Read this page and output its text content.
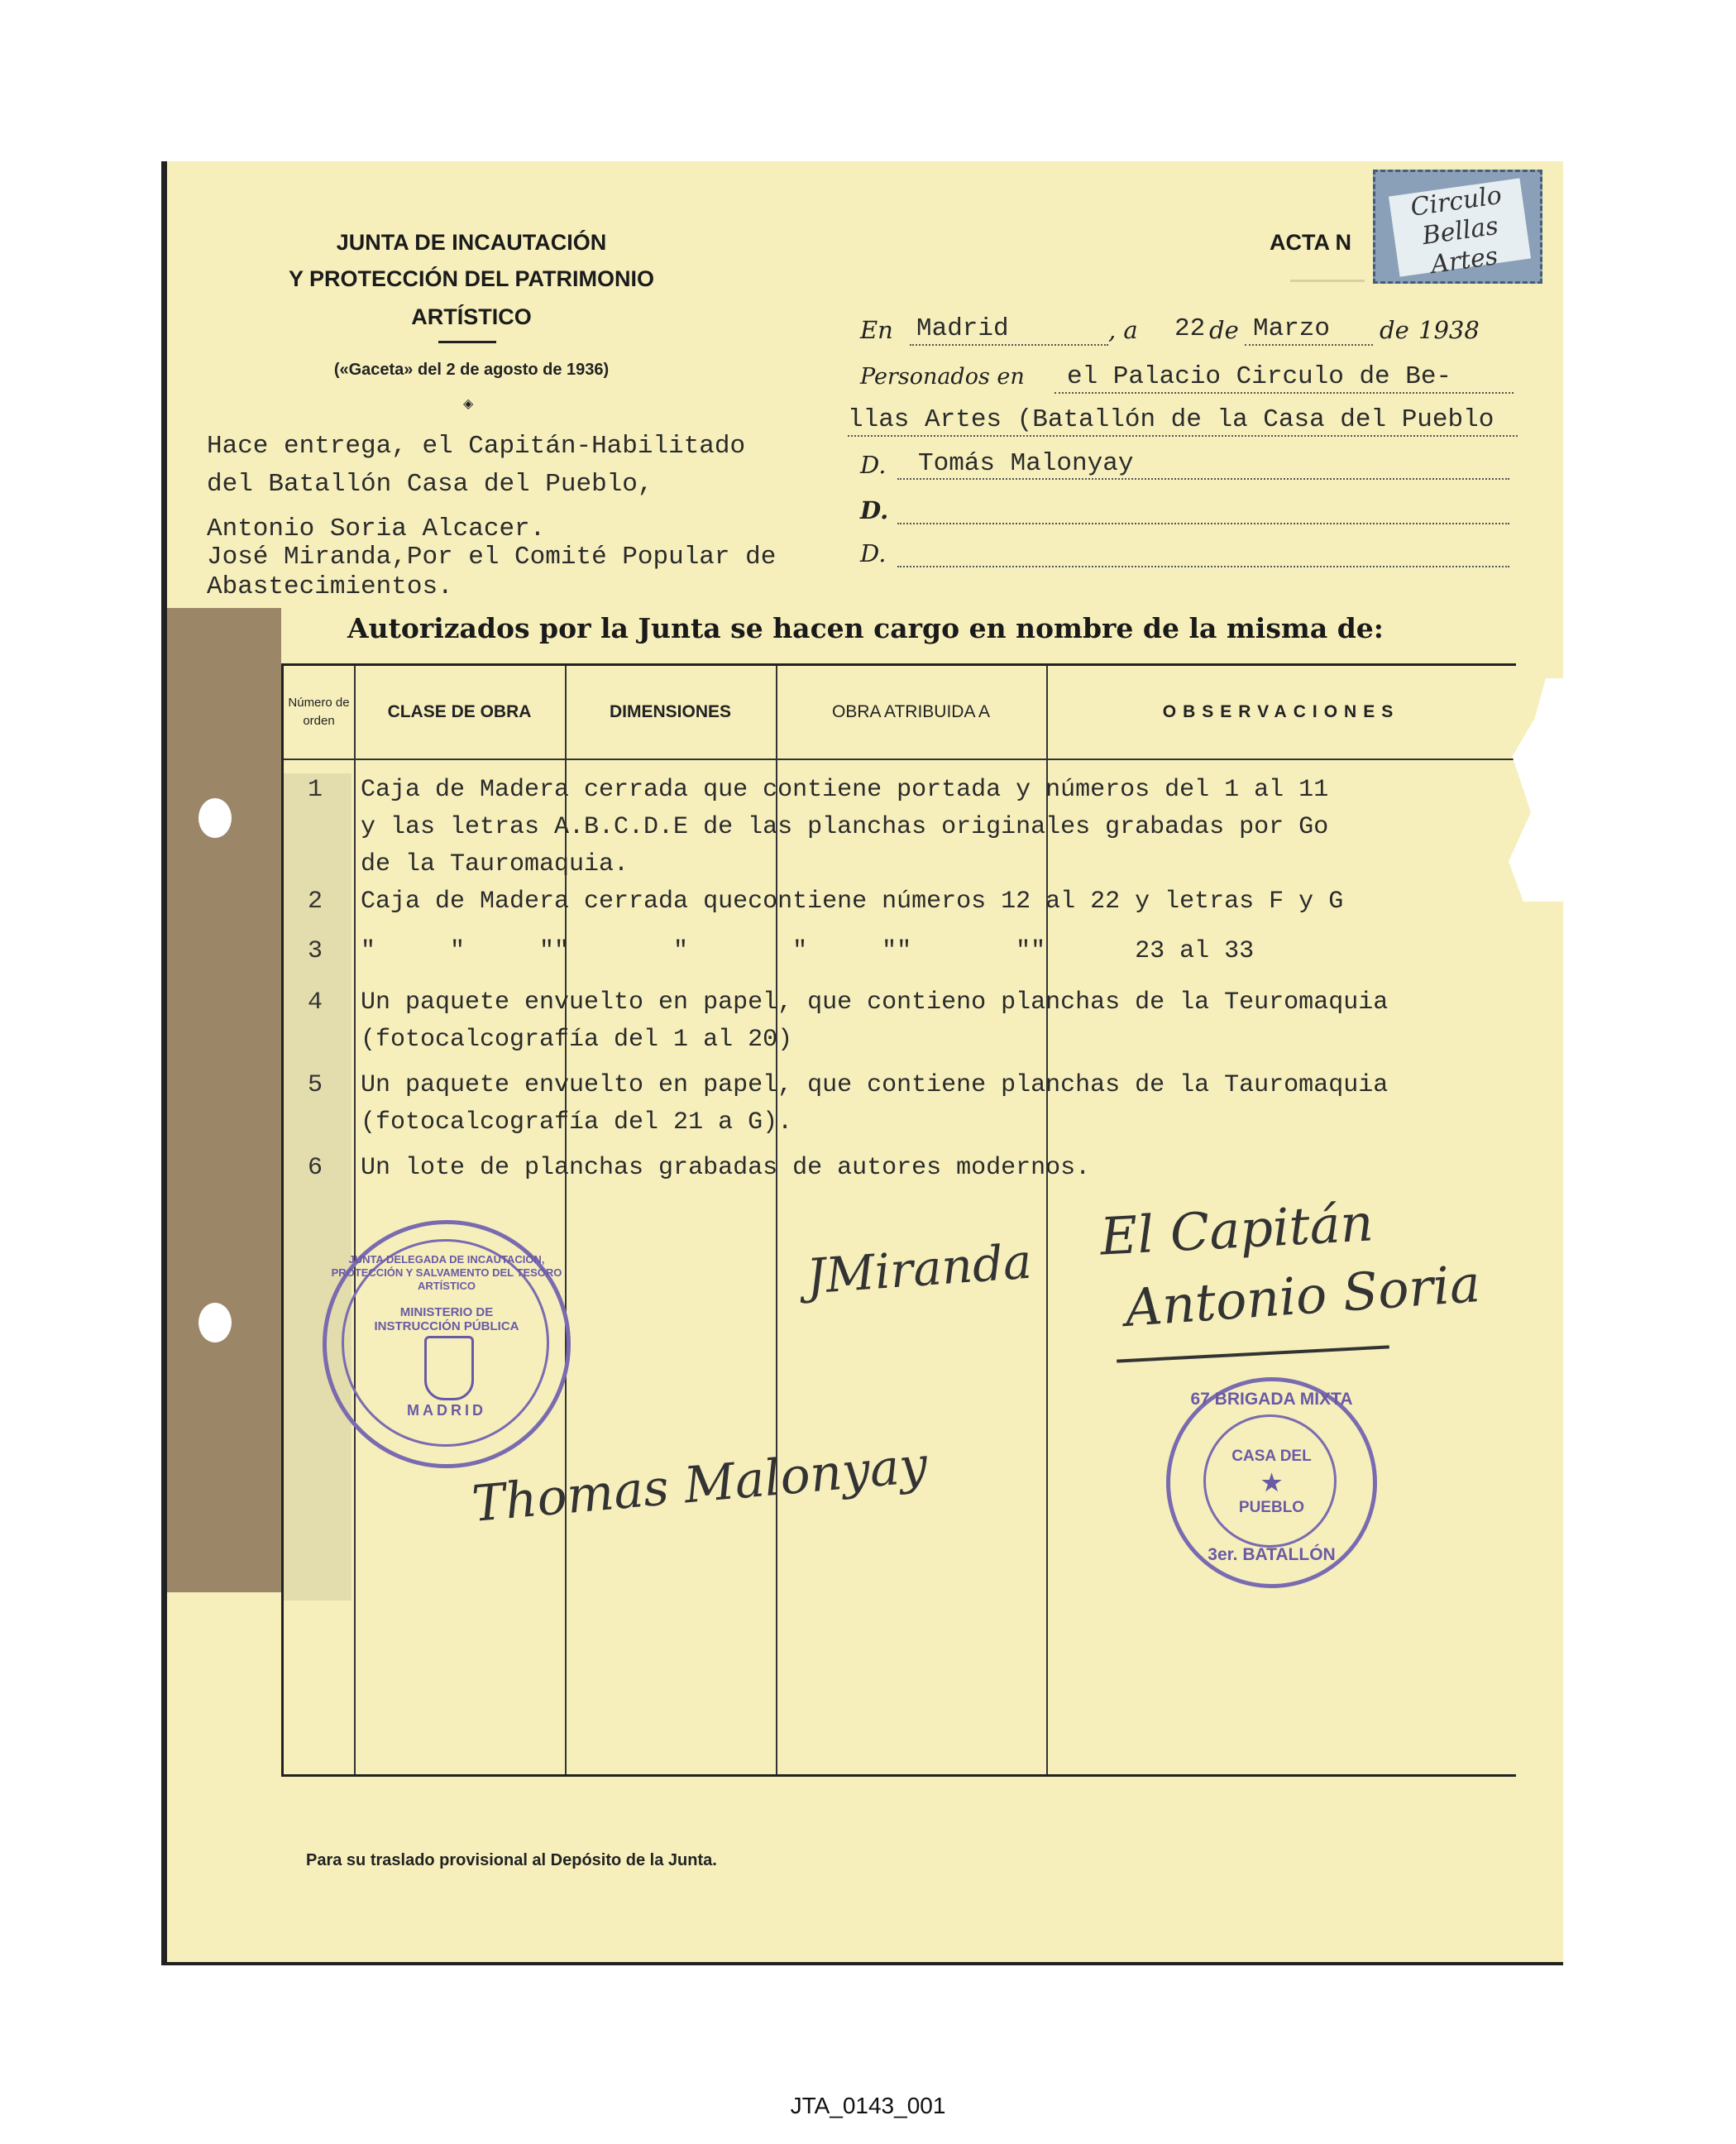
JUNTA DE INCAUTACIÓN
Y PROTECCIÓN DEL PATRIMONIO
ARTÍSTICO
(«Gaceta» del 2 de agosto de 1936)
◈
ACTA N
Circulo Bellas Artes
En Madrid	, a 22 de Marzo de 1938
Personados en el Palacio Circulo de Be-
llas Artes (Batallón de la Casa del Pueblo
D. Tomás Malonyay
D.
D.
Hace entrega, el Capitán-Habilitado
del Batallón Casa del Pueblo,
Antonio Soria Alcacer.
José Miranda,Por el Comité Popular de
Abastecimientos.
Autorizados por la Junta se hacen cargo en nombre de la misma de:
Número de orden	CLASE DE OBRA	DIMENSIONES	OBRA ATRIBUIDA A	OBSERVACIONES
1 Caja de Madera cerrada que contiene portada y números del 1 al 11
y las letras A.B.C.D.E de las planchas originales grabadas por Go
de la Tauromaquia.
2 Caja de Madera cerrada quecontiene números 12 al 22 y letras F y G
3 "     "     ""       "       "     ""       ""      23 al 33
4 Un paquete envuelto en papel, que contieno planchas de la Teuromaquia
(fotocalcografía del 1 al 20)
5 Un paquete envuelto en papel, que contiene planchas de la Tauromaquia
(fotocalcografía del 21 a G).
6 Un lote de planchas grabadas de autores modernos.
JUNTA DELEGADA DE INCAUTACIÓN, PROTECCIÓN Y SALVAMENTO DEL TESORO ARTÍSTICO
MINISTERIO DE INSTRUCCIÓN PÚBLICA
MADRID
67 BRIGADA MIXTA
CASA DEL
★
PUEBLO
3er. BATALLÓN
JMiranda
El Capitán
Antonio Soria
Thomas Malonyay
Para su traslado provisional al Depósito de la Junta.
JTA_0143_001
